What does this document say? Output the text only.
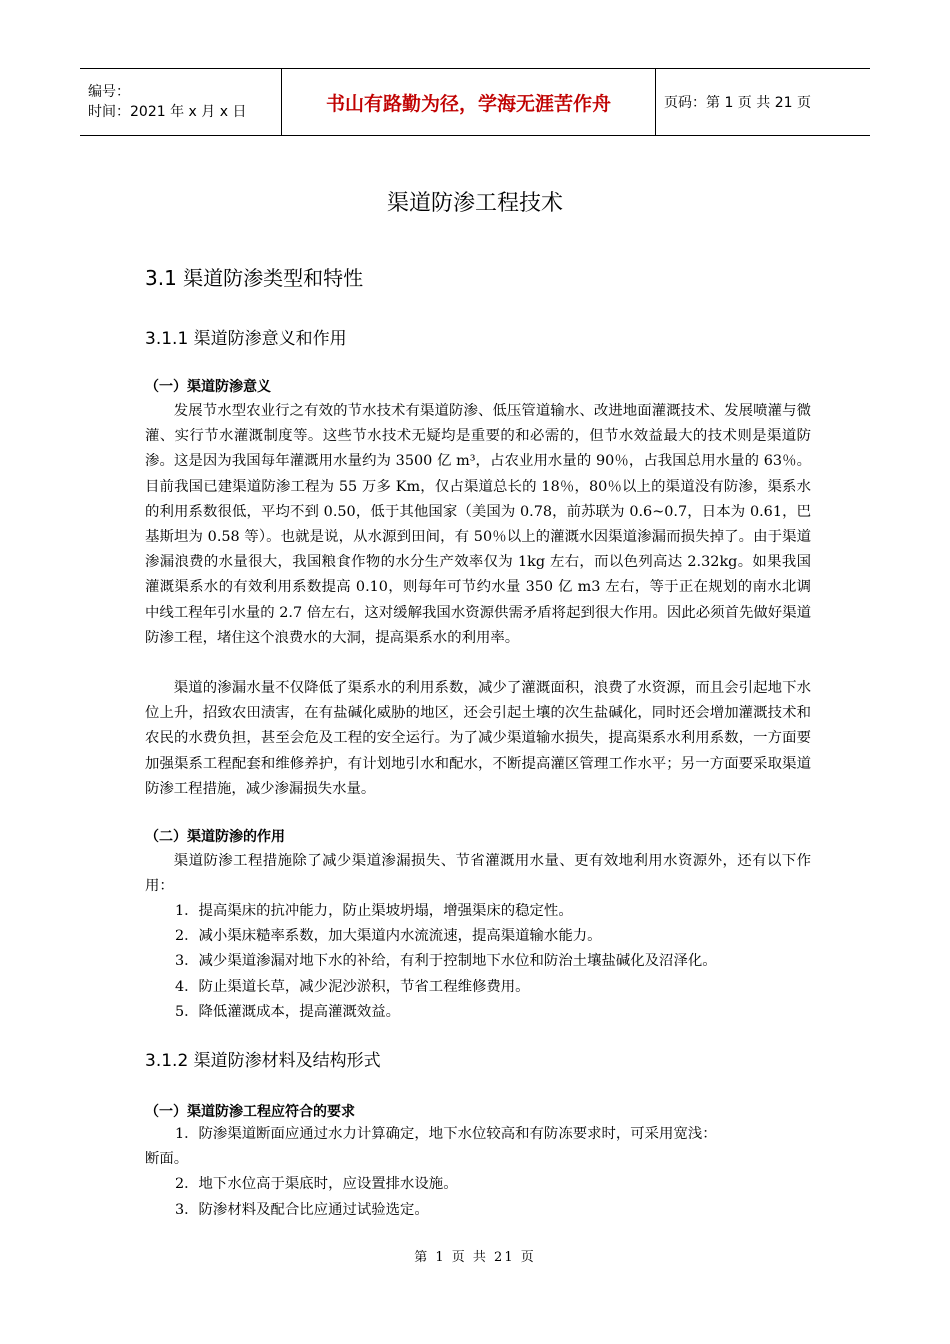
编号：
时间：2021 年 x 月 x 日	书山有路勤为径，学海无涯苦作舟	页码：第 1 页 共 21 页
渠道防渗工程技术
3.1 渠道防渗类型和特性
3.1.1 渠道防渗意义和作用
（一）渠道防渗意义
发展节水型农业行之有效的节水技术有渠道防渗、低压管道输水、改进地面灌溉技术、发展喷灌与微灌、实行节水灌溉制度等。这些节水技术无疑均是重要的和必需的，但节水效益最大的技术则是渠道防渗。这是因为我国每年灌溉用水量约为 3500 亿 m³，占农业用水量的 90％，占我国总用水量的 63％。目前我国已建渠道防渗工程为 55 万多 Km，仅占渠道总长的 18％，80％以上的渠道没有防渗，渠系水的利用系数很低，平均不到 0.50，低于其他国家（美国为 0.78，前苏联为 0.6~0.7，日本为 0.61，巴基斯坦为 0.58 等）。也就是说，从水源到田间，有 50％以上的灌溉水因渠道渗漏而损失掉了。由于渠道渗漏浪费的水量很大，我国粮食作物的水分生产效率仅为 1kg 左右，而以色列高达 2.32kg。如果我国灌溉渠系水的有效利用系数提高 0.10，则每年可节约水量 350 亿 m3 左右，等于正在规划的南水北调中线工程年引水量的 2.7 倍左右，这对缓解我国水资源供需矛盾将起到很大作用。因此必须首先做好渠道防渗工程，堵住这个浪费水的大洞，提高渠系水的利用率。
渠道的渗漏水量不仅降低了渠系水的利用系数，减少了灌溉面积，浪费了水资源，而且会引起地下水位上升，招致农田渍害，在有盐碱化威胁的地区，还会引起土壤的次生盐碱化，同时还会增加灌溉技术和农民的水费负担，甚至会危及工程的安全运行。为了减少渠道输水损失，提高渠系水利用系数，一方面要加强渠系工程配套和维修养护，有计划地引水和配水，不断提高灌区管理工作水平；另一方面要采取渠道防渗工程措施，减少渗漏损失水量。
（二）渠道防渗的作用
渠道防渗工程措施除了减少渠道渗漏损失、节省灌溉用水量、更有效地利用水资源外，还有以下作用：
1．提高渠床的抗冲能力，防止渠坡坍塌，增强渠床的稳定性。
2．减小渠床糙率系数，加大渠道内水流流速，提高渠道输水能力。
3．减少渠道渗漏对地下水的补给，有利于控制地下水位和防治土壤盐碱化及沼泽化。
4．防止渠道长草，减少泥沙淤积，节省工程维修费用。
5．降低灌溉成本，提高灌溉效益。
3.1.2 渠道防渗材料及结构形式
（一）渠道防渗工程应符合的要求
1．防渗渠道断面应通过水力计算确定，地下水位较高和有防冻要求时，可采用宽浅：
断面。
2．地下水位高于渠底时，应设置排水设施。
3．防渗材料及配合比应通过试验选定。
第 1 页 共 21 页
